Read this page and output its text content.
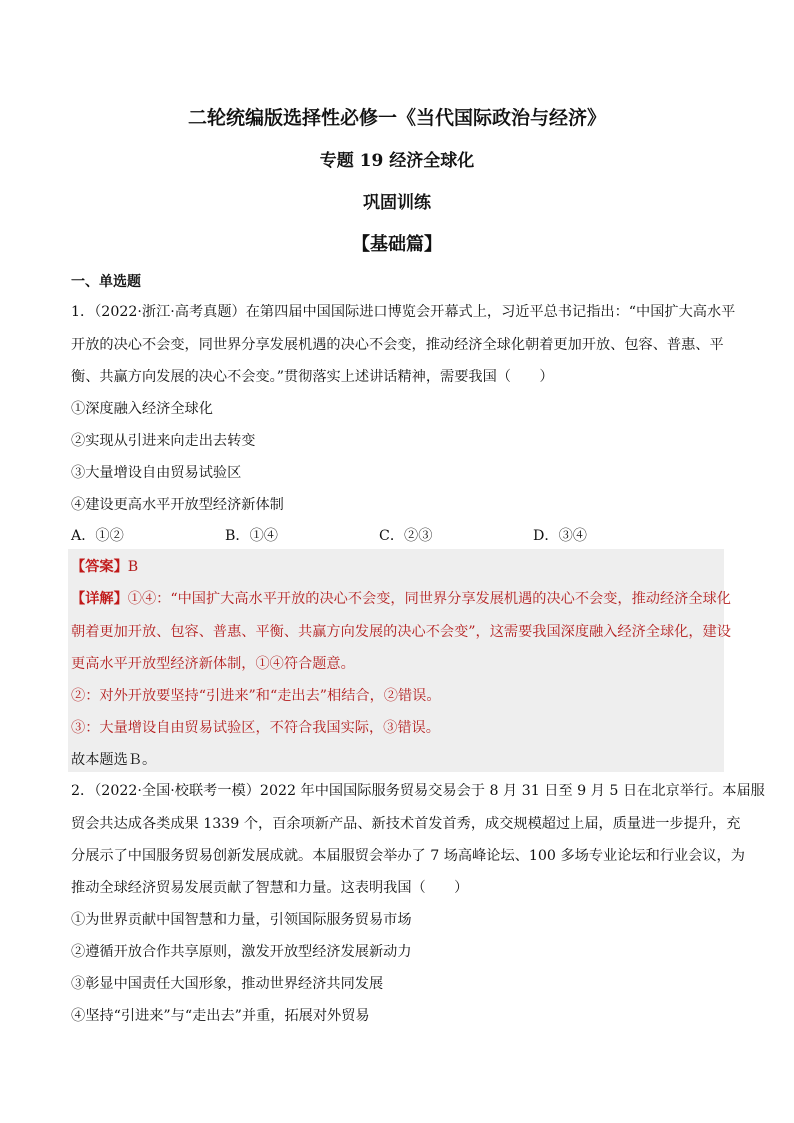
二轮统编版选择性必修一《当代国际政治与经济》
专题 19 经济全球化
巩固训练
【基础篇】
一、单选题
1．（2022·浙江·高考真题）在第四届中国国际进口博览会开幕式上，习近平总书记指出：“中国扩大高水平
开放的决心不会变，同世界分享发展机遇的决心不会变，推动经济全球化朝着更加开放、包容、普惠、平
衡、共赢方向发展的决心不会变。”贯彻落实上述讲话精神，需要我国（　　）
①深度融入经济全球化
②实现从引进来向走出去转变
③大量增设自由贸易试验区
④建设更高水平开放型经济新体制
A．①②	B．①④	C．②③	D．③④
【答案】B
【详解】①④：“中国扩大高水平开放的决心不会变，同世界分享发展机遇的决心不会变，推动经济全球化
朝着更加开放、包容、普惠、平衡、共赢方向发展的决心不会变”，这需要我国深度融入经济全球化，建设
更高水平开放型经济新体制，①④符合题意。
②：对外开放要坚持“引进来”和“走出去”相结合，②错误。
③：大量增设自由贸易试验区，不符合我国实际，③错误。
故本题选Ｂ。
2．（2022·全国·校联考一模）2022 年中国国际服务贸易交易会于 8 月 31 日至 9 月 5 日在北京举行。本届服
贸会共达成各类成果 1339 个，百余项新产品、新技术首发首秀，成交规模超过上届，质量进一步提升，充
分展示了中国服务贸易创新发展成就。本届服贸会举办了 7 场高峰论坛、100 多场专业论坛和行业会议，为
推动全球经济贸易发展贡献了智慧和力量。这表明我国（　　）
①为世界贡献中国智慧和力量，引领国际服务贸易市场
②遵循开放合作共享原则，激发开放型经济发展新动力
③彰显中国责任大国形象，推动世界经济共同发展
④坚持“引进来”与“走出去”并重，拓展对外贸易
